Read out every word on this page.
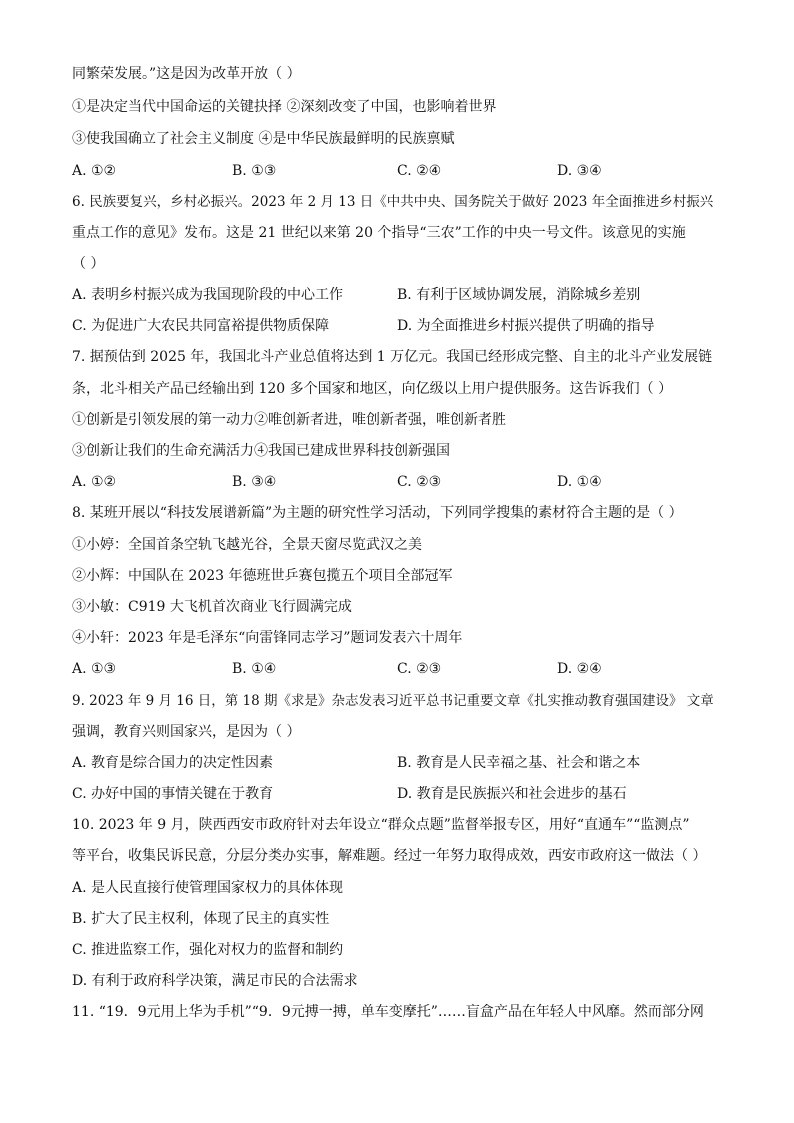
同繁荣发展。”这是因为改革开放（ ）
①是决定当代中国命运的关键抉择 ②深刻改变了中国，也影响着世界
③使我国确立了社会主义制度 ④是中华民族最鲜明的民族禀赋
A. ①②	B. ①③	C. ②④	D. ③④
6. 民族要复兴，乡村必振兴。2023 年 2 月 13 日《中共中央、国务院关于做好 2023 年全面推进乡村振兴
重点工作的意见》发布。这是 21 世纪以来第 20 个指导“三农”工作的中央一号文件。该意见的实施
（ ）
A. 表明乡村振兴成为我国现阶段的中心工作	B. 有利于区域协调发展，消除城乡差别
C. 为促进广大农民共同富裕提供物质保障	D. 为全面推进乡村振兴提供了明确的指导
7. 据预估到 2025 年，我国北斗产业总值将达到 1 万亿元。我国已经形成完整、自主的北斗产业发展链
条，北斗相关产品已经输出到 120 多个国家和地区，向亿级以上用户提供服务。这告诉我们（ ）
①创新是引领发展的第一动力②唯创新者进，唯创新者强，唯创新者胜
③创新让我们的生命充满活力④我国已建成世界科技创新强国
A. ①②	B. ③④	C. ②③	D. ①④
8. 某班开展以“科技发展谱新篇”为主题的研究性学习活动，下列同学搜集的素材符合主题的是（ ）
①小婷：全国首条空轨飞越光谷，全景天窗尽览武汉之美
②小辉：中国队在 2023 年德班世乒赛包揽五个项目全部冠军
③小敏：C919 大飞机首次商业飞行圆满完成
④小轩：2023 年是毛泽东“向雷锋同志学习”题词发表六十周年
A. ①③	B. ①④	C. ②③	D. ②④
9. 2023 年 9 月 16 日，第 18 期《求是》杂志发表习近平总书记重要文章《扎实推动教育强国建设》 文章
强调，教育兴则国家兴，是因为（ ）
A. 教育是综合国力的决定性因素	B. 教育是人民幸福之基、社会和谐之本
C. 办好中国的事情关键在于教育	D. 教育是民族振兴和社会进步的基石
10. 2023 年 9 月，陕西西安市政府针对去年设立“群众点题”监督举报专区，用好“直通车”“监测点”
等平台，收集民诉民意，分层分类办实事，解难题。经过一年努力取得成效，西安市政府这一做法（ ）
A. 是人民直接行使管理国家权力的具体体现
B. 扩大了民主权利，体现了民主的真实性
C. 推进监察工作，强化对权力的监督和制约
D. 有利于政府科学决策，满足市民的合法需求
11. “19．9元用上华为手机”“9．9元搏一搏，单车变摩托”……盲盒产品在年轻人中风靡。然而部分网
